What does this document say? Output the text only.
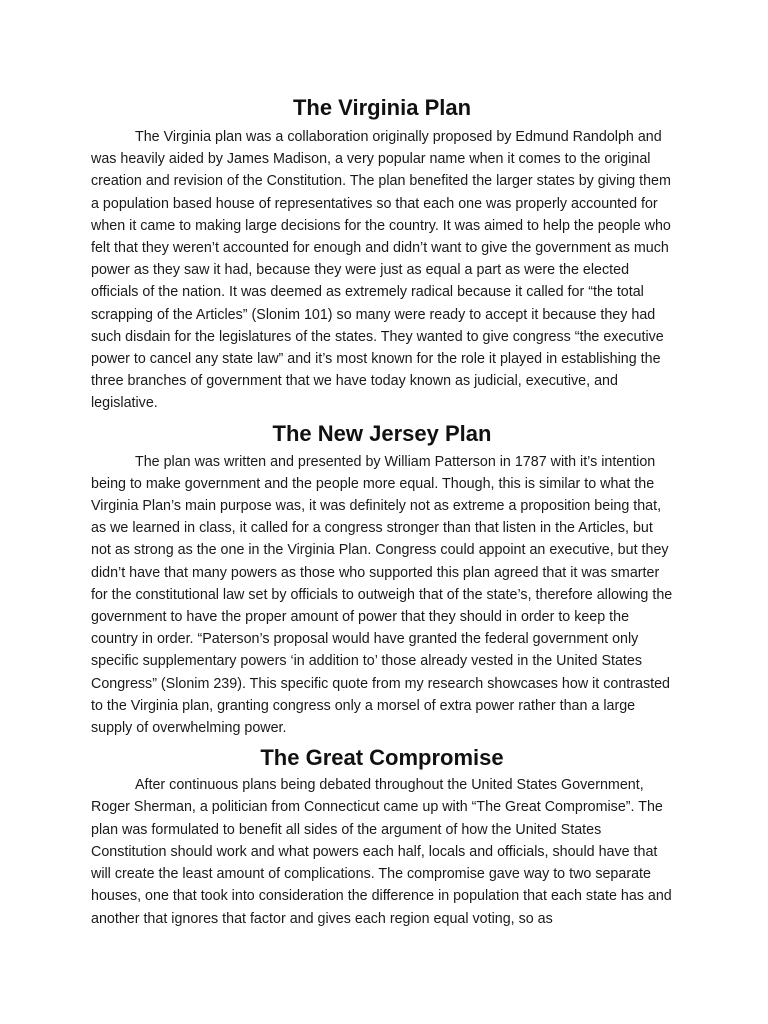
The Virginia Plan

The Virginia plan was a collaboration originally proposed by Edmund Randolph and was heavily aided by James Madison, a very popular name when it comes to the original creation and revision of the Constitution. The plan benefited the larger states by giving them a population based house of representatives so that each one was properly accounted for when it came to making large decisions for the country. It was aimed to help the people who felt that they weren’t accounted for enough and didn’t want to give the government as much power as they saw it had, because they were just as equal a part as were the elected officials of the nation. It was deemed as extremely radical because it called for “the total scrapping of the Articles” (Slonim 101) so many were ready to accept it because they had such disdain for the legislatures of the states. They wanted to give congress “the executive power to cancel any state law” and it’s most known for the role it played in establishing the three branches of government that we have today known as judicial, executive, and legislative.

The New Jersey Plan

The plan was written and presented by William Patterson in 1787 with it’s intention being to make government and the people more equal. Though, this is similar to what the Virginia Plan’s main purpose was, it was definitely not as extreme a proposition being that, as we learned in class, it called for a congress stronger than that listen in the Articles, but not as strong as the one in the Virginia Plan. Congress could appoint an executive, but they didn’t have that many powers as those who supported this plan agreed that it was smarter for the constitutional law set by officials to outweigh that of the state’s, therefore allowing the government to have the proper amount of power that they should in order to keep the country in order. “Paterson’s proposal would have granted the federal government only specific supplementary powers ‘in addition to’ those already vested in the United States Congress” (Slonim 239). This specific quote from my research showcases how it contrasted to the Virginia plan, granting congress only a morsel of extra power rather than a large supply of overwhelming power.

The Great Compromise

After continuous plans being debated throughout the United States Government, Roger Sherman, a politician from Connecticut came up with “The Great Compromise”. The plan was formulated to benefit all sides of the argument of how the United States Constitution should work and what powers each half, locals and officials, should have that will create the least amount of complications. The compromise gave way to two separate houses, one that took into consideration the difference in population that each state has and another that ignores that factor and gives each region equal voting, so as
